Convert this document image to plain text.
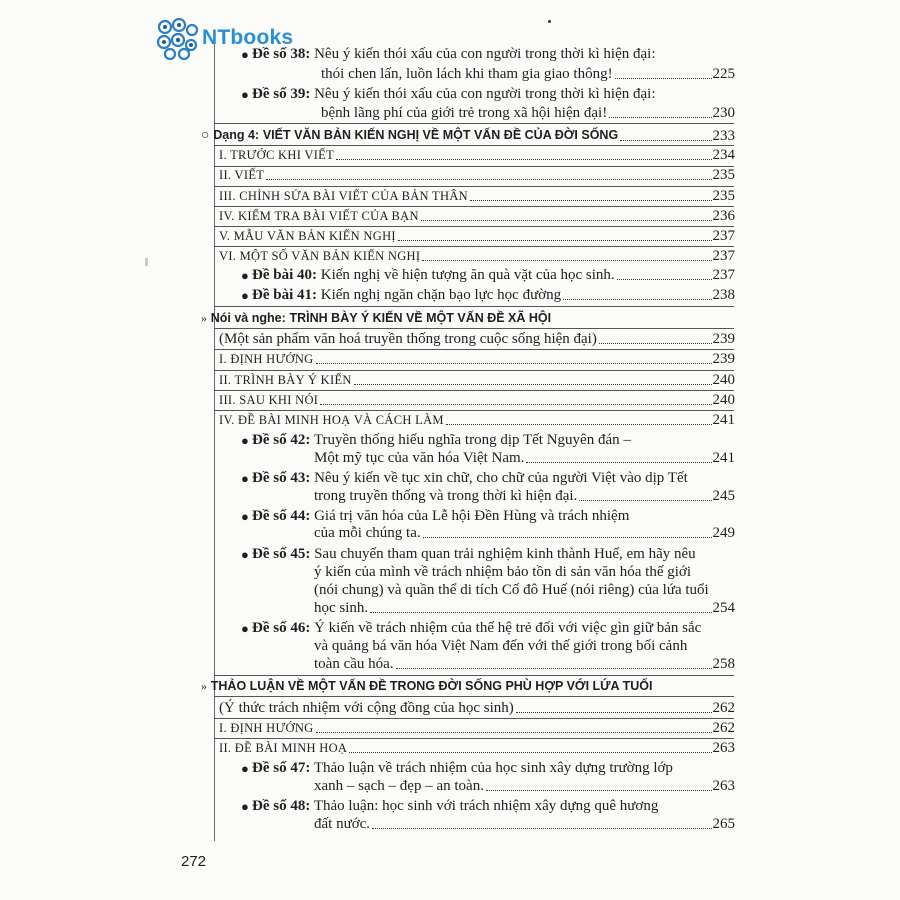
NTbooks
● Đề số 38: Nêu ý kiến thói xấu của con người trong thời kì hiện đại:
thói chen lấn, luồn lách khi tham gia giao thông!	225
● Đề số 39: Nêu ý kiến thói xấu của con người trong thời kì hiện đại:
bệnh lãng phí của giới trẻ trong xã hội hiện đại!	230
○ Dạng 4: VIẾT VĂN BẢN KIẾN NGHỊ VỀ MỘT VẤN ĐỀ CỦA ĐỜI SỐNG	233
I. TRƯỚC KHI VIẾT	234
II. VIẾT	235
III. CHỈNH SỬA BÀI VIẾT CỦA BẢN THÂN	235
IV. KIỂM TRA BÀI VIẾT CỦA BẠN	236
V. MẪU VĂN BẢN KIẾN NGHỊ	237
VI. MỘT SỐ VĂN BẢN KIẾN NGHỊ	237
● Đề bài 40: Kiến nghị về hiện tượng ăn quà vặt của học sinh.	237
● Đề bài 41: Kiến nghị ngăn chặn bạo lực học đường	238
» Nói và nghe: TRÌNH BÀY Ý KIẾN VỀ MỘT VẤN ĐỀ XÃ HỘI
(Một sản phẩm văn hoá truyền thống trong cuộc sống hiện đại)	239
I. ĐỊNH HƯỚNG	239
II. TRÌNH BÀY Ý KIẾN	240
III. SAU KHI NÓI	240
IV. ĐỀ BÀI MINH HOẠ VÀ CÁCH LÀM	241
● Đề số 42: Truyền thống hiếu nghĩa trong dịp Tết Nguyên đán –
Một mỹ tục của văn hóa Việt Nam.	241
● Đề số 43: Nêu ý kiến về tục xin chữ, cho chữ của người Việt vào dịp Tết
trong truyền thống và trong thời kì hiện đại.	245
● Đề số 44: Giá trị văn hóa của Lễ hội Đền Hùng và trách nhiệm
của mỗi chúng ta.	249
● Đề số 45: Sau chuyến tham quan trải nghiệm kinh thành Huế, em hãy nêu
ý kiến của mình về trách nhiệm bảo tồn di sản văn hóa thế giới
(nói chung) và quần thể di tích Cố đô Huế (nói riêng) của lứa tuổi
học sinh.	254
● Đề số 46: Ý kiến về trách nhiệm của thế hệ trẻ đối với việc gìn giữ bản sắc
và quảng bá văn hóa Việt Nam đến với thế giới trong bối cảnh
toàn cầu hóa.	258
» THẢO LUẬN VỀ MỘT VẤN ĐỀ TRONG ĐỜI SỐNG PHÙ HỢP VỚI LỨA TUỔI
(Ý thức trách nhiệm với cộng đồng của học sinh)	262
I. ĐỊNH HƯỚNG	262
II. ĐỀ BÀI MINH HOẠ	263
● Đề số 47: Thảo luận về trách nhiệm của học sinh xây dựng trường lớp
xanh – sạch – đẹp – an toàn.	263
● Đề số 48: Thảo luận: học sinh với trách nhiệm xây dựng quê hương
đất nước.	265
272
